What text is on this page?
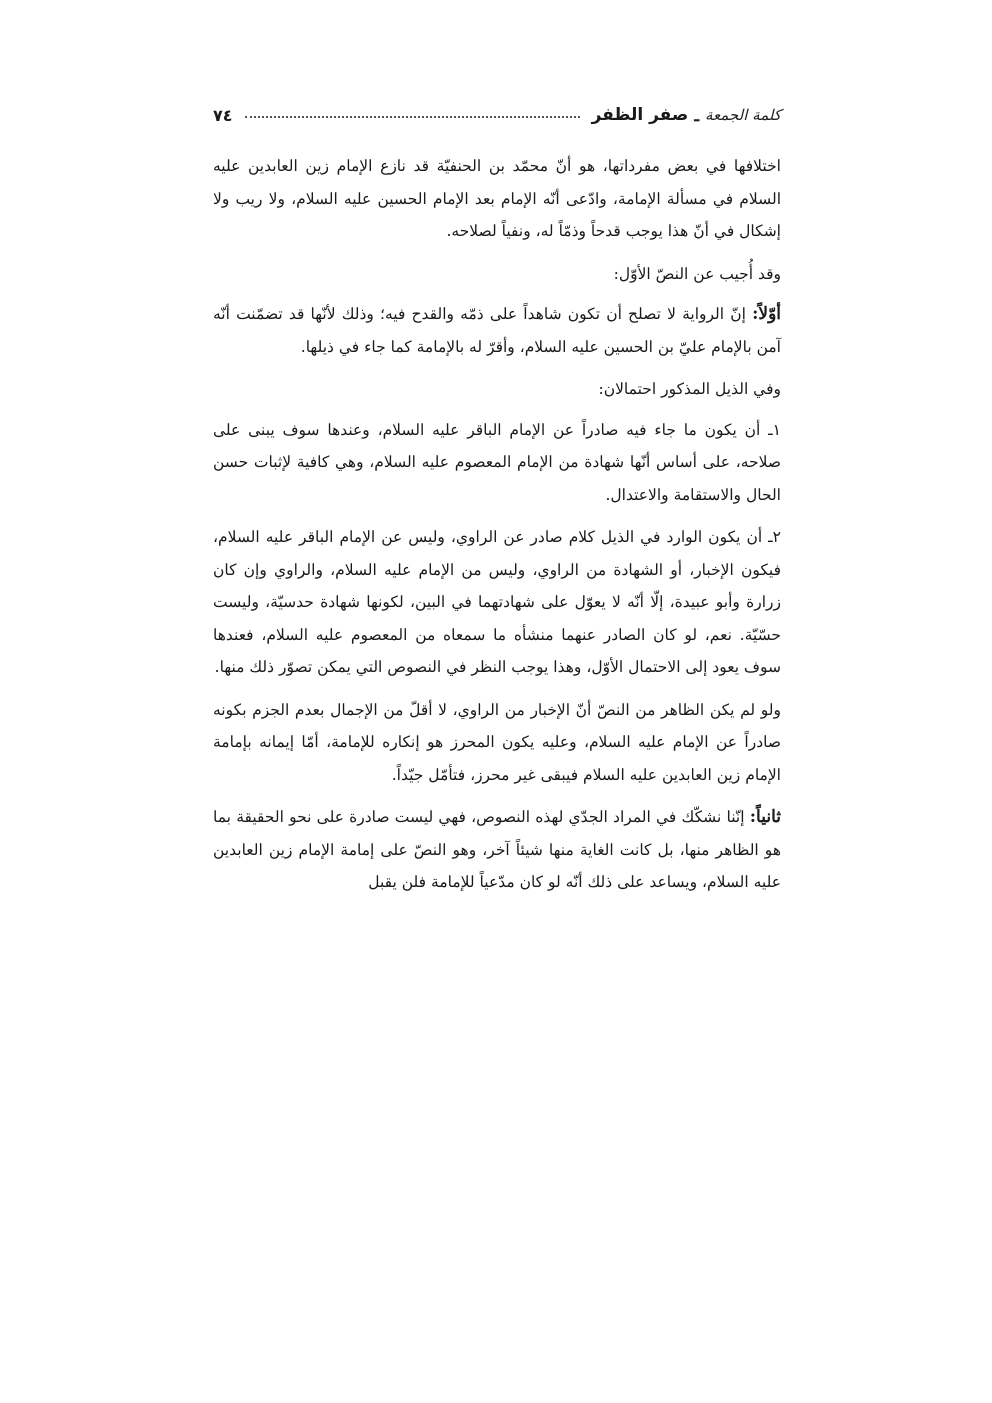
كلمة الجمعة
ـ
صفر الظفر
٧٤

اختلافها في بعض مفرداتها، هو أنّ محمّد بن الحنفيّة قد نازع الإمام زين العابدين عليه السلام في مسألة الإمامة، وادّعى أنّه الإمام بعد الإمام الحسين عليه السلام، ولا ريب ولا إشكال في أنّ هذا يوجب قدحاً وذمّاً له، ونفياً لصلاحه.

وقد أُجيب عن النصّ الأوّل:

أوّلاً: إنّ الرواية لا تصلح أن تكون شاهداً على ذمّه والقدح فيه؛ وذلك لأنّها قد تضمّنت أنّه آمن بالإمام عليّ بن الحسين عليه السلام، وأقرّ له بالإمامة كما جاء في ذيلها.

وفي الذيل المذكور احتمالان:

١ـ أن يكون ما جاء فيه صادراً عن الإمام الباقر عليه السلام، وعندها سوف يبنى على صلاحه، على أساس أنّها شهادة من الإمام المعصوم عليه السلام، وهي كافية لإثبات حسن الحال والاستقامة والاعتدال.

٢ـ أن يكون الوارد في الذيل كلام صادر عن الراوي، وليس عن الإمام الباقر عليه السلام، فيكون الإخبار، أو الشهادة من الراوي، وليس من الإمام عليه السلام، والراوي وإن كان زرارة وأبو عبيدة، إلّا أنّه لا يعوّل على شهادتهما في البين، لكونها شهادة حدسيّة، وليست حسّيّة. نعم، لو كان الصادر عنهما منشأه ما سمعاه من المعصوم عليه السلام، فعندها سوف يعود إلى الاحتمال الأوّل، وهذا يوجب النظر في النصوص التي يمكن تصوّر ذلك منها.

ولو لم يكن الظاهر من النصّ أنّ الإخبار من الراوي، لا أقلّ من الإجمال بعدم الجزم بكونه صادراً عن الإمام عليه السلام، وعليه يكون المحرز هو إنكاره للإمامة، أمّا إيمانه بإمامة الإمام زين العابدين عليه السلام فيبقى غير محرز، فتأمّل جيّداً.

ثانياً: إنّنا نشكّك في المراد الجدّي لهذه النصوص، فهي ليست صادرة على نحو الحقيقة بما هو الظاهر منها، بل كانت الغاية منها شيئاً آخر، وهو النصّ على إمامة الإمام زين العابدين عليه السلام، ويساعد على ذلك أنّه لو كان مدّعياً للإمامة فلن يقبل
